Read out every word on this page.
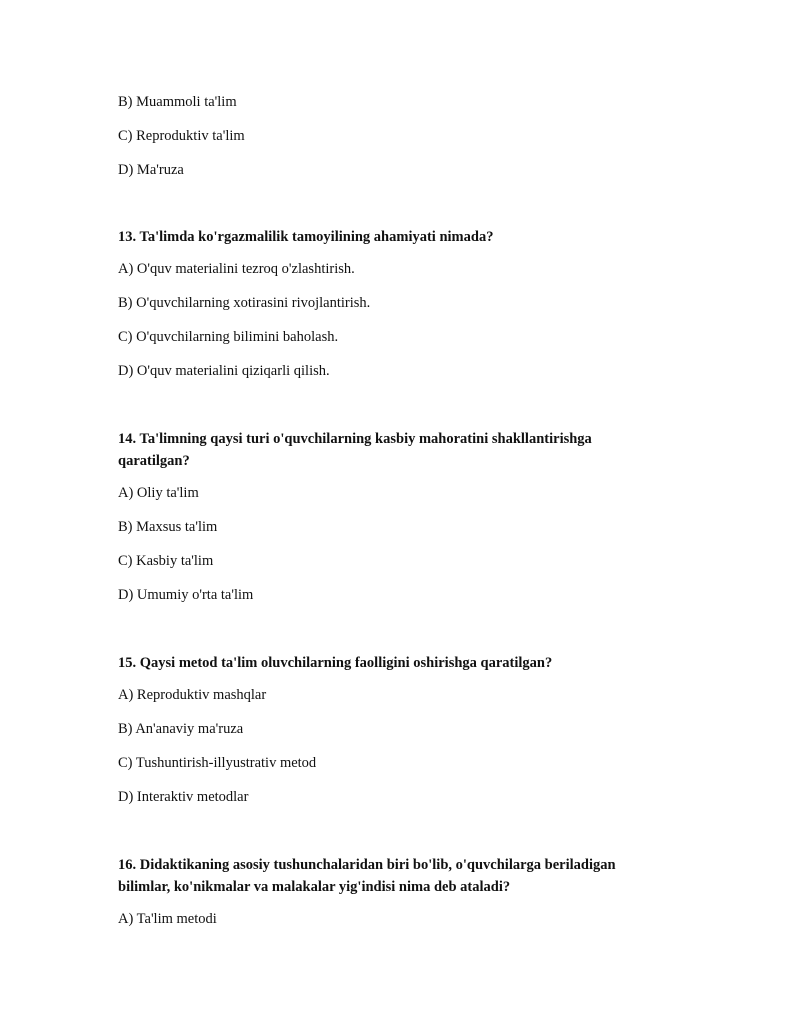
B) Muammoli ta'lim

C) Reproduktiv ta'lim

D) Ma'ruza

13. Ta'limda ko'rgazmalilik tamoyilining ahamiyati nimada?

A) O'quv materialini tezroq o'zlashtirish.

B) O'quvchilarning xotirasini rivojlantirish.

C) O'quvchilarning bilimini baholash.

D) O'quv materialini qiziqarli qilish.

14. Ta'limning qaysi turi o'quvchilarning kasbiy mahoratini shakllantirishga
qaratilgan?

A) Oliy ta'lim

B) Maxsus ta'lim

C) Kasbiy ta'lim

D) Umumiy o'rta ta'lim

15. Qaysi metod ta'lim oluvchilarning faolligini oshirishga qaratilgan?

A) Reproduktiv mashqlar

B) An'anaviy ma'ruza

C) Tushuntirish-illyustrativ metod

D) Interaktiv metodlar

16. Didaktikaning asosiy tushunchalaridan biri bo'lib, o'quvchilarga beriladigan
bilimlar, ko'nikmalar va malakalar yig'indisi nima deb ataladi?

A) Ta'lim metodi
